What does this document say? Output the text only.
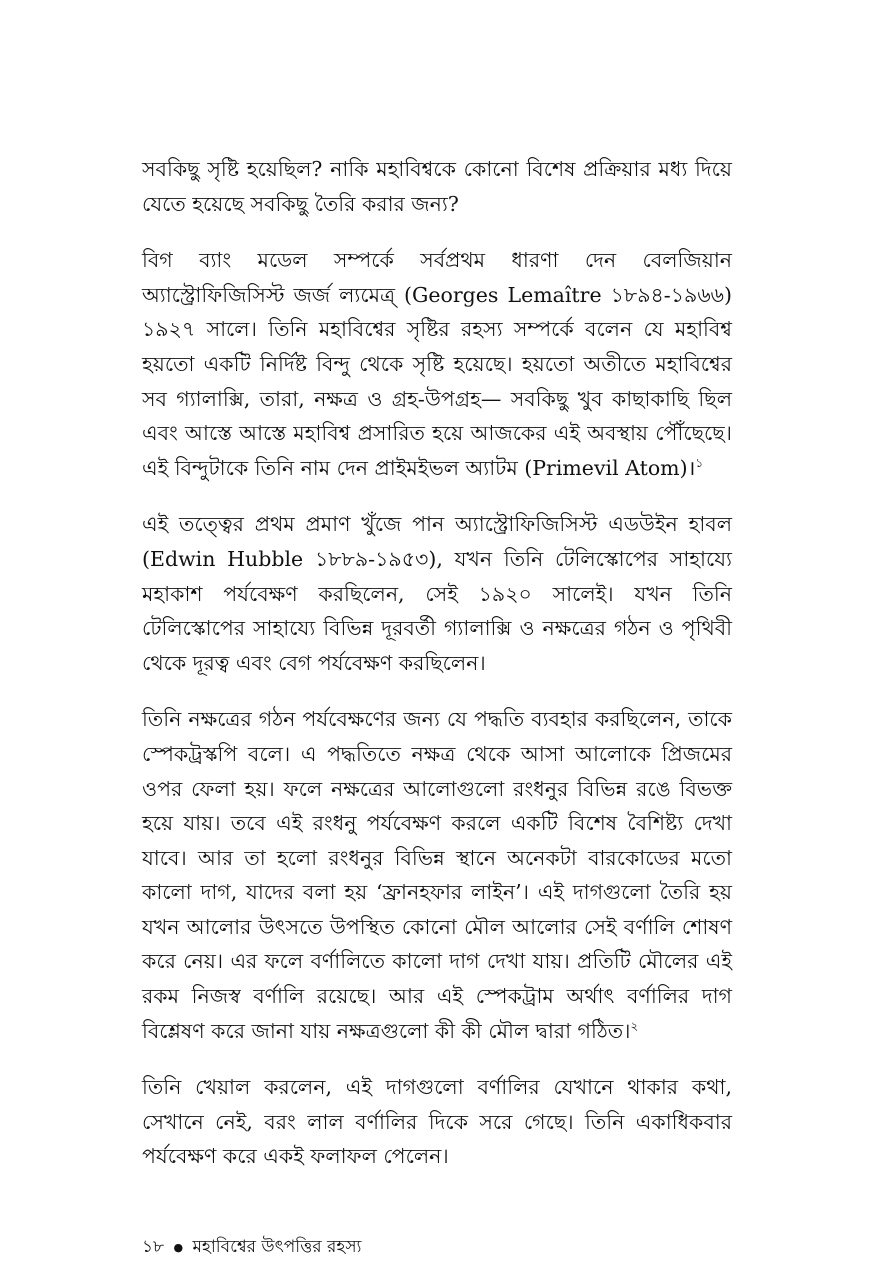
সবকিছু সৃষ্টি হয়েছিল? নাকি মহাবিশ্বকে কোনো বিশেষ প্রক্রিয়ার মধ্য দিয়ে যেতে হয়েছে সবকিছু তৈরি করার জন্য?

বিগ ব্যাং মডেল সম্পর্কে সর্বপ্রথম ধারণা দেন বেলজিয়ান অ্যাস্ট্রোফিজিসিস্ট জর্জ ল্যমেত্র্ (Georges Lemaître ১৮৯৪-১৯৬৬) ১৯২৭ সালে। তিনি মহাবিশ্বের সৃষ্টির রহস্য সম্পর্কে বলেন যে মহাবিশ্ব হয়তো একটি নির্দিষ্ট বিন্দু থেকে সৃষ্টি হয়েছে। হয়তো অতীতে মহাবিশ্বের সব গ্যালাক্সি, তারা, নক্ষত্র ও গ্রহ-উপগ্রহ— সবকিছু খুব কাছাকাছি ছিল এবং আস্তে আস্তে মহাবিশ্ব প্রসারিত হয়ে আজকের এই অবস্থায় পৌঁছেছে। এই বিন্দুটাকে তিনি নাম দেন প্রাইমইভল অ্যাটম (Primevil Atom)।$^১$

এই তত্ত্বের প্রথম প্রমাণ খুঁজে পান অ্যাস্ট্রোফিজিসিস্ট এডউইন হাবল (Edwin Hubble ১৮৮৯-১৯৫৩), যখন তিনি টেলিস্কোপের সাহায্যে মহাকাশ পর্যবেক্ষণ করছিলেন, সেই ১৯২০ সালেই। যখন তিনি টেলিস্কোপের সাহায্যে বিভিন্ন দূরবর্তী গ্যালাক্সি ও নক্ষত্রের গঠন ও পৃথিবী থেকে দূরত্ব এবং বেগ পর্যবেক্ষণ করছিলেন।

তিনি নক্ষত্রের গঠন পর্যবেক্ষণের জন্য যে পদ্ধতি ব্যবহার করছিলেন, তাকে স্পেকট্রস্কপি বলে। এ পদ্ধতিতে নক্ষত্র থেকে আসা আলোকে প্রিজমের ওপর ফেলা হয়। ফলে নক্ষত্রের আলোগুলো রংধনুর বিভিন্ন রঙে বিভক্ত হয়ে যায়। তবে এই রংধনু পর্যবেক্ষণ করলে একটি বিশেষ বৈশিষ্ট্য দেখা যাবে। আর তা হলো রংধনুর বিভিন্ন স্থানে অনেকটা বারকোডের মতো কালো দাগ, যাদের বলা হয় ‘ফ্রানহফার লাইন’। এই দাগগুলো তৈরি হয় যখন আলোর উৎসতে উপস্থিত কোনো মৌল আলোর সেই বর্ণালি শোষণ করে নেয়। এর ফলে বর্ণালিতে কালো দাগ দেখা যায়। প্রতিটি মৌলের এই রকম নিজস্ব বর্ণালি রয়েছে। আর এই স্পেকট্রাম অর্থাৎ বর্ণালির দাগ বিশ্লেষণ করে জানা যায় নক্ষত্রগুলো কী কী মৌল দ্বারা গঠিত।$^২$

তিনি খেয়াল করলেন, এই দাগগুলো বর্ণালির যেখানে থাকার কথা, সেখানে নেই, বরং লাল বর্ণালির দিকে সরে গেছে। তিনি একাধিকবার পর্যবেক্ষণ করে একই ফলাফল পেলেন।

১৮ ● মহাবিশ্বের উৎপত্তির রহস্য
